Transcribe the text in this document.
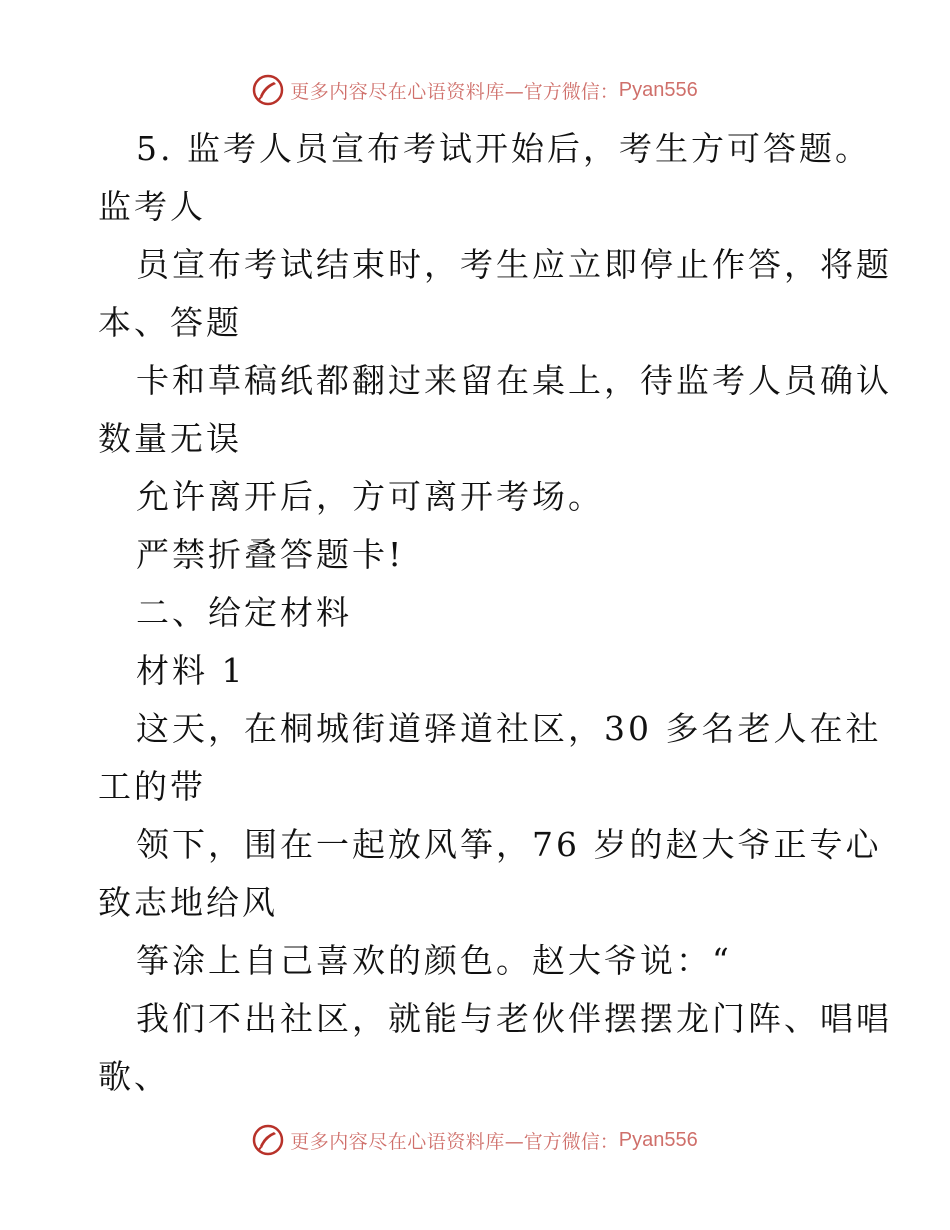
更多内容尽在心语资料库 —官方微信： Pyan556
5. 监考人员宣布考试开始后，考生方可答题。
监考人
员宣布考试结束时，考生应立即停止作答，将题
本、答题
卡和草稿纸都翻过来留在桌上，待监考人员确认
数量无误
允许离开后，方可离开考场。
严禁折叠答题卡!
二、给定材料
材料 1
这天，在桐城街道驿道社区，30 多名老人在社
工的带
领下，围在一起放风筝，76 岁的赵大爷正专心
致志地给风
筝涂上自己喜欢的颜色。赵大爷说：“
我们不出社区，就能与老伙伴摆摆龙门阵、唱唱
歌、
更多内容尽在心语资料库 —官方微信： Pyan556
